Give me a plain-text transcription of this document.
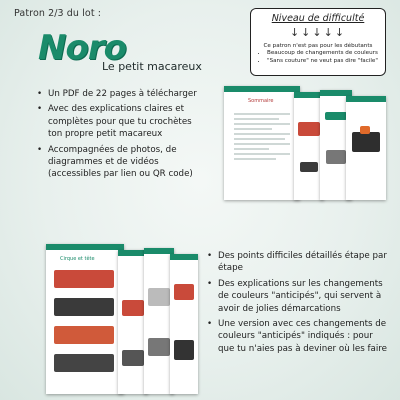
Patron 2/3 du lot :
Noro
Le petit macareux
Niveau de difficulté
↓↓↓↓↓
Ce patron n'est pas pour les débutants
• Beaucoup de changements de couleurs
• "Sans couture" ne veut pas dire "facile"
• Un PDF de 22 pages à télécharger
• Avec des explications claires et complètes pour que tu crochètes ton propre petit macareux
• Accompagnées de photos, de diagrammes et de vidéos (accessibles par lien ou QR code)
Sommaire
Cirque et tête
•	Des points difficiles détaillés étape par étape
• Des explications sur les changements de couleurs "anticipés", qui servent à avoir de jolies démarcations
• Une version avec ces changements de couleurs "anticipés" indiqués : pour que tu n'aies pas à deviner où les faire
